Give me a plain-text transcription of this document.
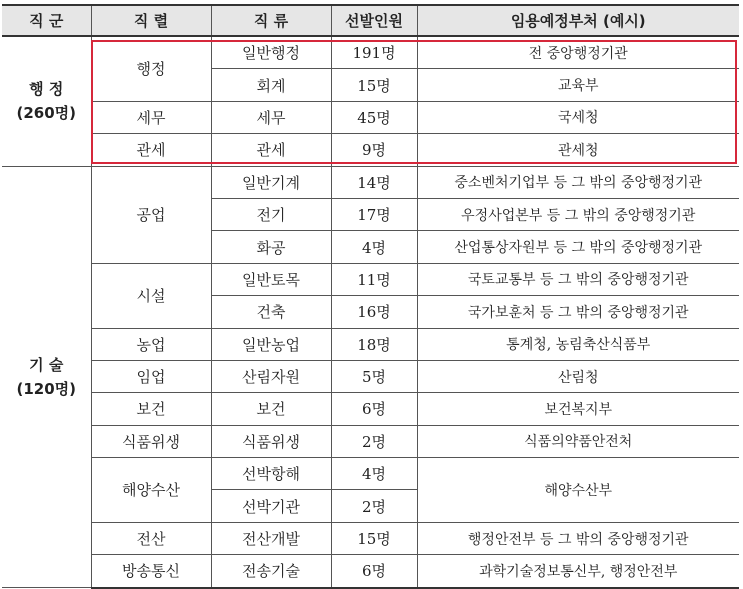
직 군	직 렬	직 류	선발인원	임용예정부처 (예시)

행 정
(260명)	행정	일반행정	191명	전 중앙행정기관
		회계	15명	교육부
	세무	세무	45명	국세청
	관세	관세	9명	관세청

기 술
(120명)	공업	일반기계	14명	중소벤처기업부 등 그 밖의 중앙행정기관
		전기	17명	우정사업본부 등 그 밖의 중앙행정기관
		화공	4명	산업통상자원부 등 그 밖의 중앙행정기관
	시설	일반토목	11명	국토교통부 등 그 밖의 중앙행정기관
		건축	16명	국가보훈처 등 그 밖의 중앙행정기관
	농업	일반농업	18명	통계청, 농림축산식품부
	임업	산림자원	5명	산림청
	보건	보건	6명	보건복지부
	식품위생	식품위생	2명	식품의약품안전처
	해양수산	선박항해	4명	해양수산부
		선박기관	2명	
	전산	전산개발	15명	행정안전부 등 그 밖의 중앙행정기관
	방송통신	전송기술	6명	과학기술정보통신부, 행정안전부
